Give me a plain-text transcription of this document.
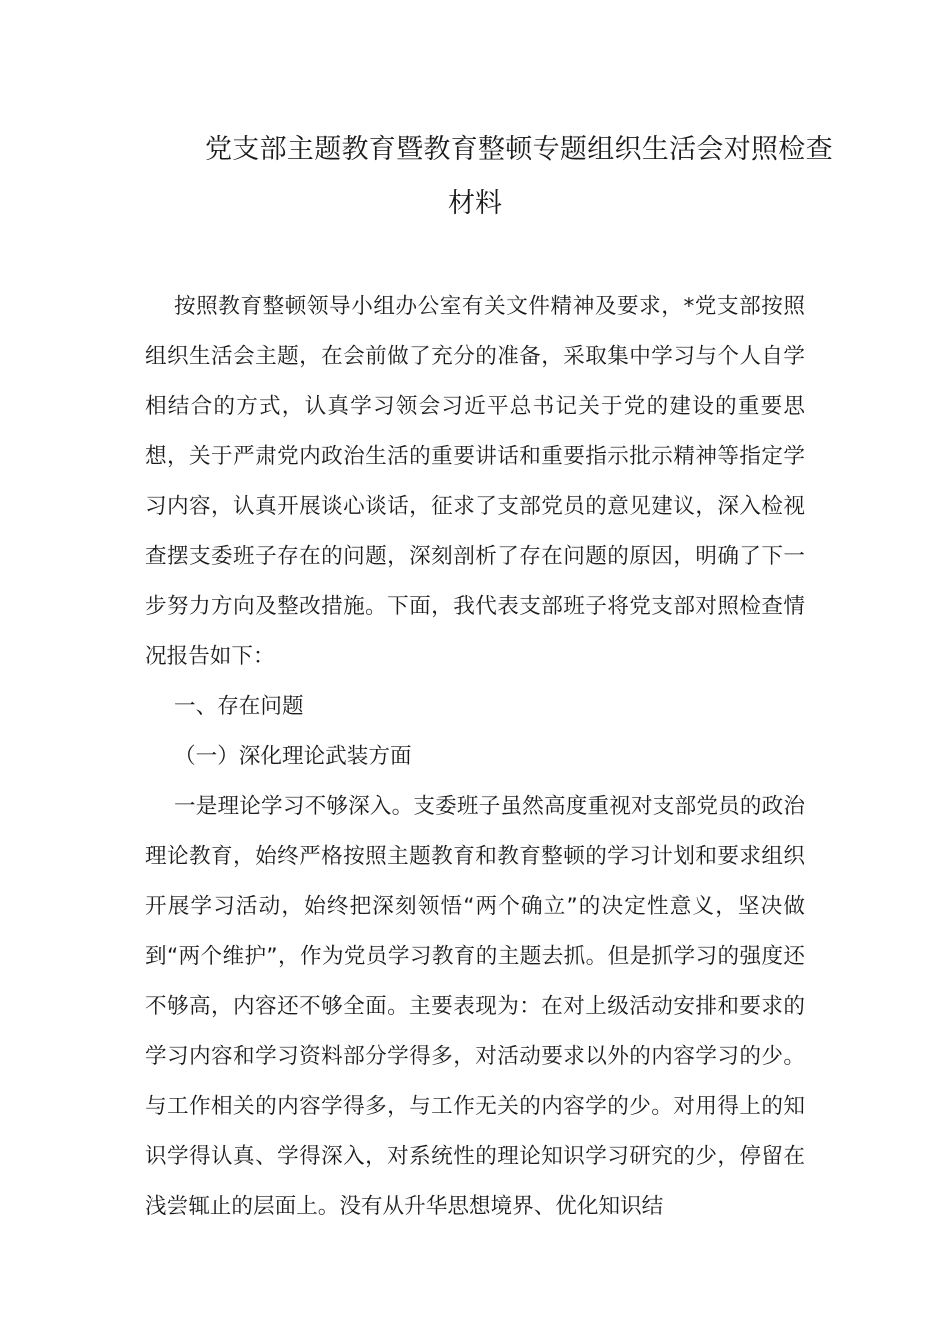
党支部主题教育暨教育整顿专题组织生活会对照检查
材料

按照教育整顿领导小组办公室有关文件精神及要求，*党支部按照组织生活会主题，在会前做了充分的准备，采取集中学习与个人自学相结合的方式，认真学习领会习近平总书记关于党的建设的重要思想，关于严肃党内政治生活的重要讲话和重要指示批示精神等指定学习内容，认真开展谈心谈话，征求了支部党员的意见建议，深入检视查摆支委班子存在的问题，深刻剖析了存在问题的原因，明确了下一步努力方向及整改措施。下面，我代表支部班子将党支部对照检查情况报告如下：

一、存在问题

（一）深化理论武装方面

一是理论学习不够深入。支委班子虽然高度重视对支部党员的政治理论教育，始终严格按照主题教育和教育整顿的学习计划和要求组织开展学习活动，始终把深刻领悟“两个确立”的决定性意义，坚决做到“两个维护”，作为党员学习教育的主题去抓。但是抓学习的强度还不够高，内容还不够全面。主要表现为：在对上级活动安排和要求的学习内容和学习资料部分学得多，对活动要求以外的内容学习的少。与工作相关的内容学得多，与工作无关的内容学的少。对用得上的知识学得认真、学得深入，对系统性的理论知识学习研究的少，停留在浅尝辄止的层面上。没有从升华思想境界、优化知识结
